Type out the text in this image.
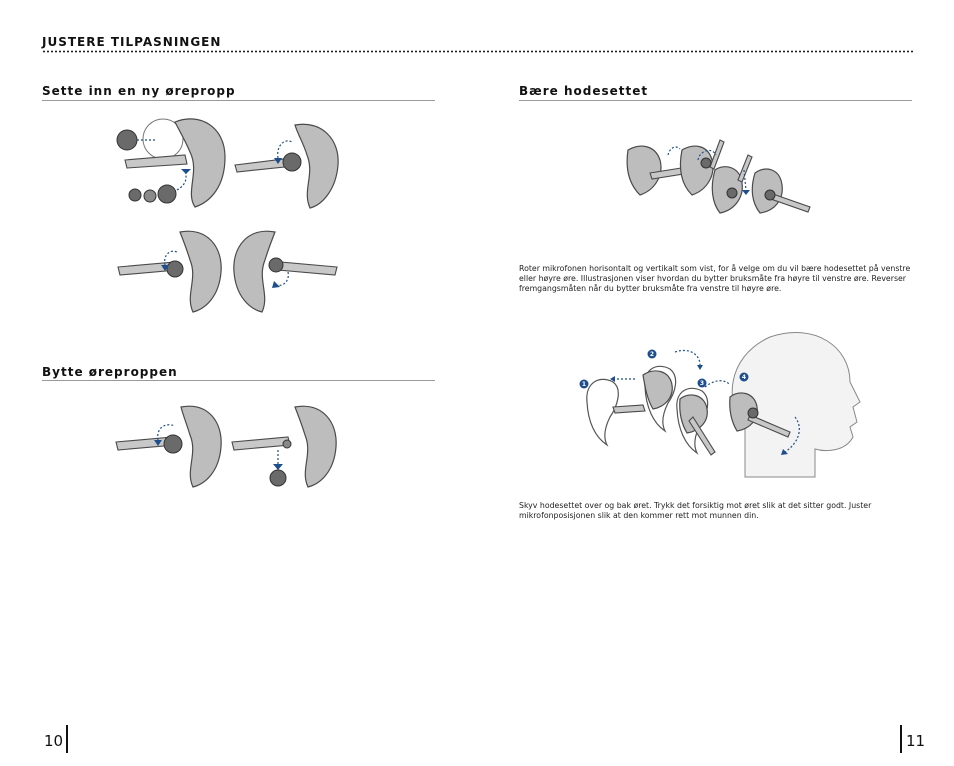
JUSTERE TILPASNINGEN
Sette inn en ny ørepropp
Bytte øreproppen
Bære hodesettet
Roter mikrofonen horisontalt og vertikalt som vist, for å velge om du vil bære hodesettet på venstre eller høyre øre. Illustrasjonen viser hvordan du bytter bruksmåte fra høyre til venstre øre. Reverser fremgangsmåten når du bytter bruksmåte fra venstre til høyre øre.
1
2
3
4
Skyv hodesettet over og bak øret. Trykk det forsiktig mot øret slik at det sitter godt. Juster mikrofonposisjonen slik at den kommer rett mot munnen din.
10	11
